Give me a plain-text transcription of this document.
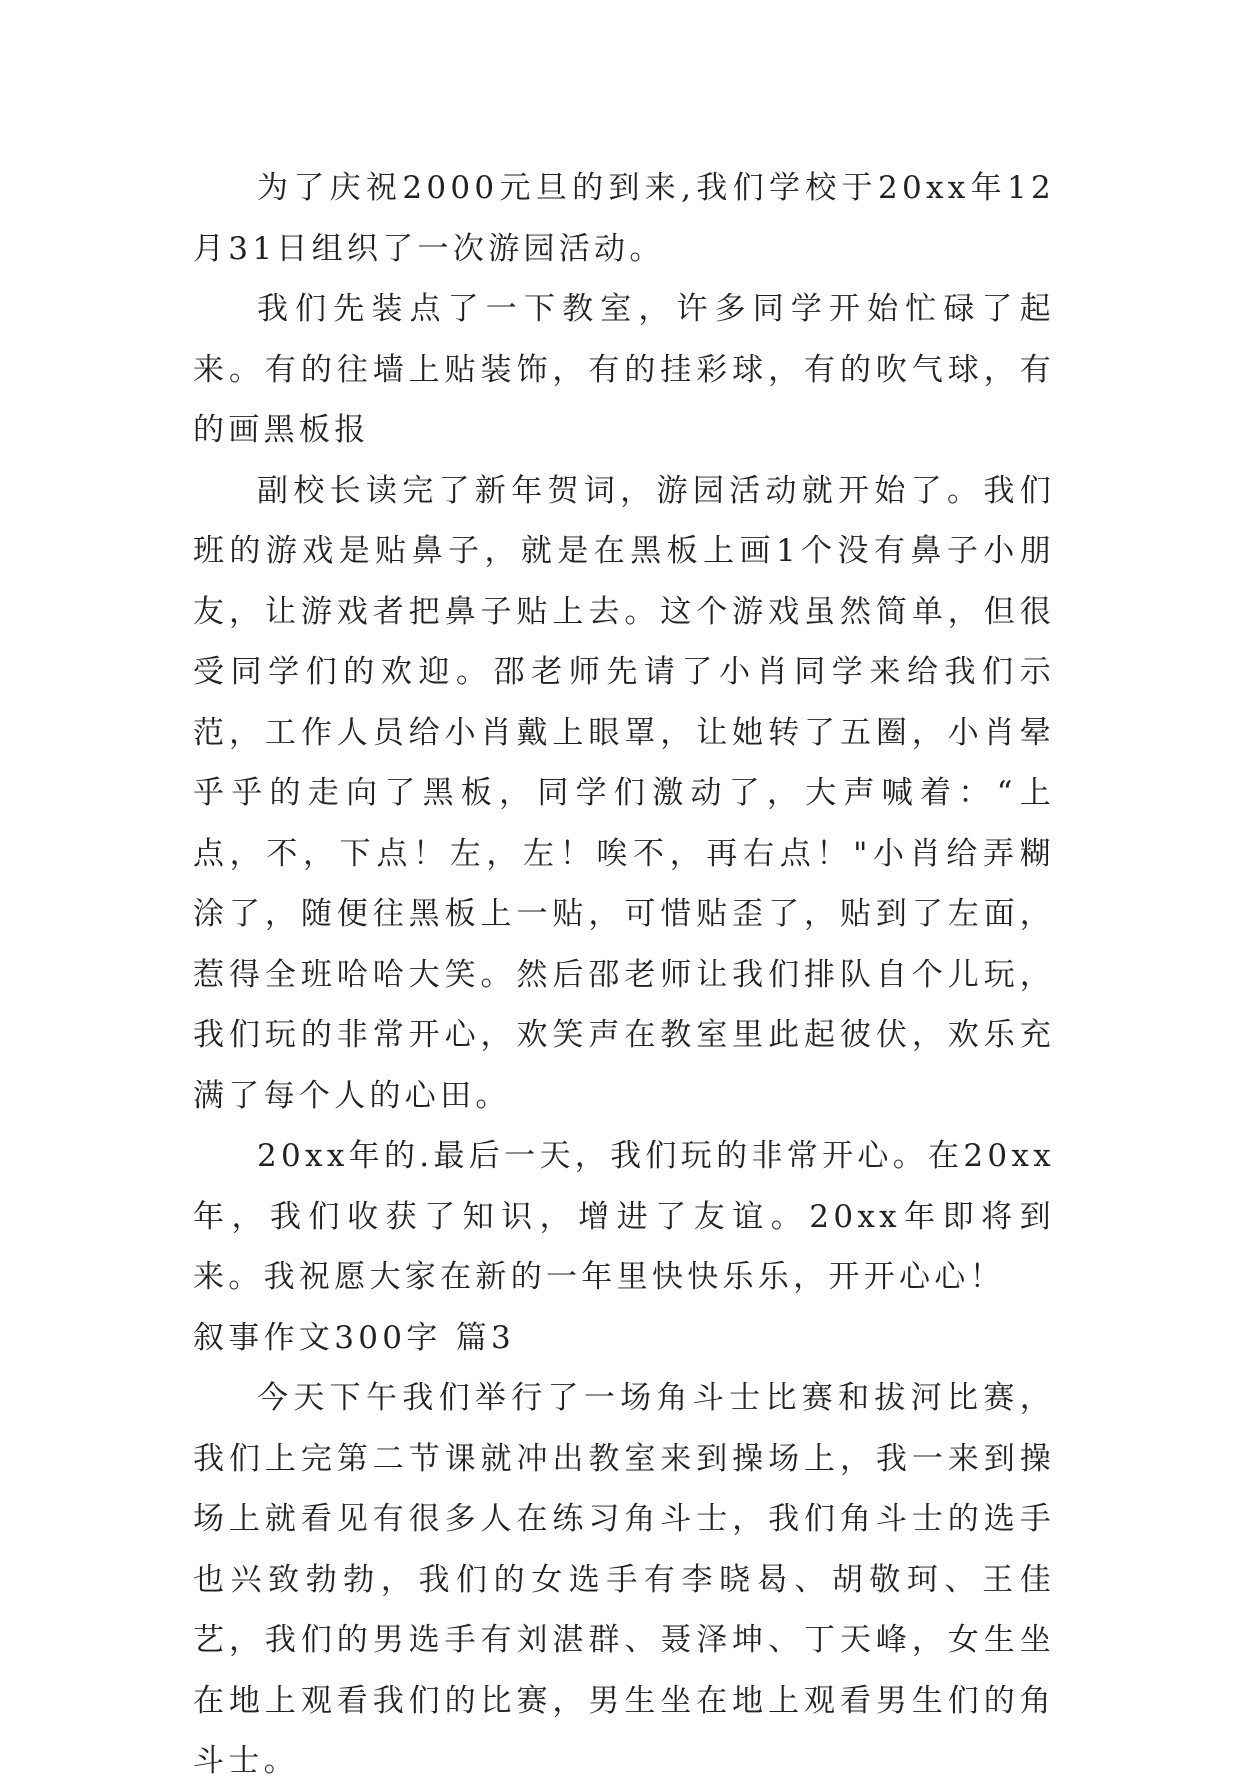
为了庆祝2000元旦的到来,我们学校于20xx年12月31日组织了一次游园活动。

我们先装点了一下教室，许多同学开始忙碌了起来。有的往墙上贴装饰，有的挂彩球，有的吹气球，有的画黑板报

副校长读完了新年贺词，游园活动就开始了。我们班的游戏是贴鼻子，就是在黑板上画1个没有鼻子小朋友，让游戏者把鼻子贴上去。这个游戏虽然简单，但很受同学们的欢迎。邵老师先请了小肖同学来给我们示范，工作人员给小肖戴上眼罩，让她转了五圈，小肖晕乎乎的走向了黑板，同学们激动了，大声喊着：“上点，不，下点！左，左！唉不，再右点！"小肖给弄糊涂了，随便往黑板上一贴，可惜贴歪了，贴到了左面，惹得全班哈哈大笑。然后邵老师让我们排队自个儿玩，我们玩的非常开心，欢笑声在教室里此起彼伏，欢乐充满了每个人的心田。

20xx年的.最后一天，我们玩的非常开心。在20xx年，我们收获了知识，增进了友谊。20xx年即将到来。我祝愿大家在新的一年里快快乐乐，开开心心！

叙事作文300字 篇3

今天下午我们举行了一场角斗士比赛和拔河比赛，我们上完第二节课就冲出教室来到操场上，我一来到操场上就看见有很多人在练习角斗士，我们角斗士的选手也兴致勃勃，我们的女选手有李晓曷、胡敬珂、王佳艺，我们的男选手有刘湛群、聂泽坤、丁天峰，女生坐在地上观看我们的比赛，男生坐在地上观看男生们的角斗士。
